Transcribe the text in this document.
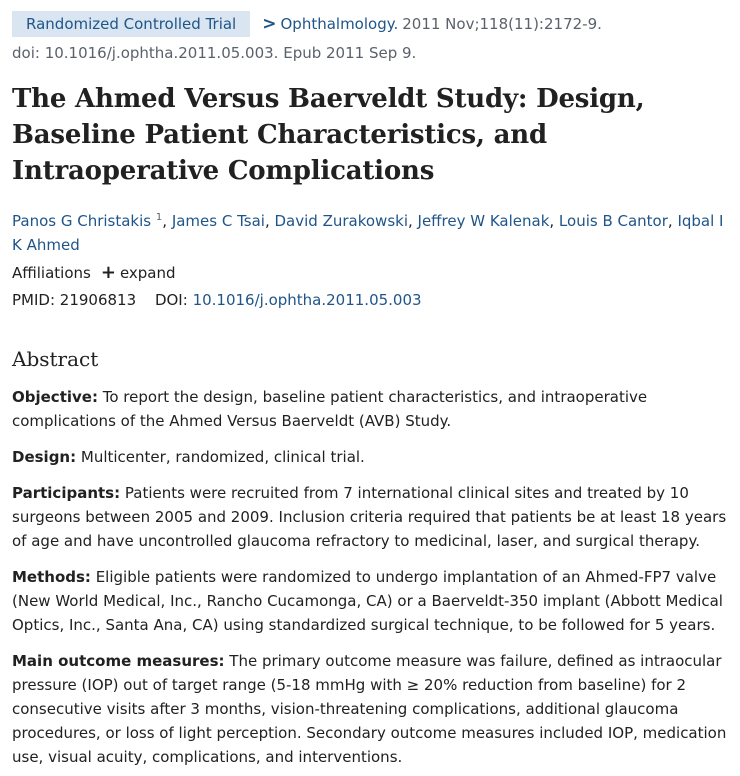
Randomized Controlled Trial	> Ophthalmology. 2011 Nov;118(11):2172-9.
doi: 10.1016/j.ophtha.2011.05.003. Epub 2011 Sep 9.
The Ahmed Versus Baerveldt Study: Design, Baseline Patient Characteristics, and Intraoperative Complications
Panos G Christakis $^1$, James C Tsai, David Zurakowski, Jeffrey W Kalenak, Louis B Cantor, Iqbal I K Ahmed
Affiliations + expand
PMID: 21906813 DOI: 10.1016/j.ophtha.2011.05.003
Abstract

Objective: To report the design, baseline patient characteristics, and intraoperative complications of the Ahmed Versus Baerveldt (AVB) Study.

Design: Multicenter, randomized, clinical trial.

Participants: Patients were recruited from 7 international clinical sites and treated by 10 surgeons between 2005 and 2009. Inclusion criteria required that patients be at least 18 years of age and have uncontrolled glaucoma refractory to medicinal, laser, and surgical therapy.

Methods: Eligible patients were randomized to undergo implantation of an Ahmed-FP7 valve (New World Medical, Inc., Rancho Cucamonga, CA) or a Baerveldt-350 implant (Abbott Medical Optics, Inc., Santa Ana, CA) using standardized surgical technique, to be followed for 5 years.

Main outcome measures: The primary outcome measure was failure, defined as intraocular pressure (IOP) out of target range (5-18 mmHg with ≥ 20% reduction from baseline) for 2 consecutive visits after 3 months, vision-threatening complications, additional glaucoma procedures, or loss of light perception. Secondary outcome measures included IOP, medication use, visual acuity, complications, and interventions.
